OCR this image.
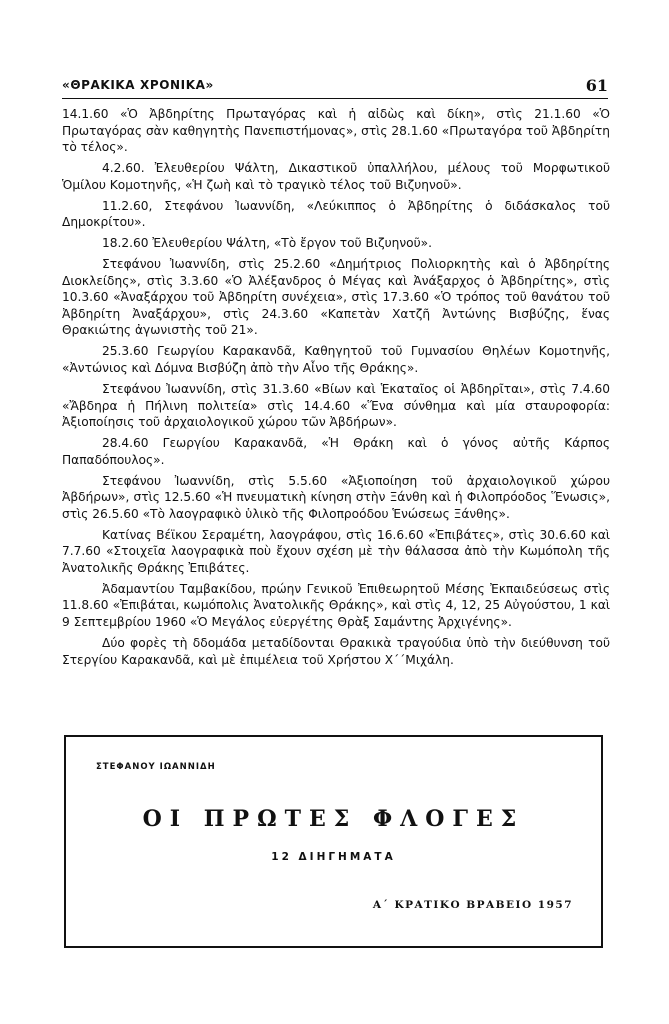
«ΘΡΑΚΙΚΑ ΧΡΟΝΙΚΑ»	61

14.1.60 «Ὁ Ἀβδηρίτης Πρωταγόρας καὶ ἡ αἰδὼς καὶ δίκη», στὶς 21.1.60 «Ὁ Πρωταγόρας σὰν καθηγητὴς Πανεπιστήμονας», στὶς 28.1.60 «Πρωταγόρα τοῦ Ἀβδηρίτη τὸ τέλος».

4.2.60. Ἐλευθερίου Ψάλτη, Δικαστικοῦ ὑπαλλήλου, μέλους τοῦ Μορφωτικοῦ Ὁμίλου Κομοτηνῆς, «Ἡ ζωὴ καὶ τὸ τραγικὸ τέλος τοῦ Βιζυηνοῦ».

11.2.60, Στεφάνου Ἰωαννίδη, «Λεύκιππος ὁ Ἀβδηρίτης ὁ διδάσκαλος τοῦ Δημοκρίτου».

18.2.60 Ἐλευθερίου Ψάλτη, «Τὸ ἔργον τοῦ Βιζυηνοῦ».

Στεφάνου Ἰωαννίδη, στὶς 25.2.60 «Δημήτριος Πολιορκητὴς καὶ ὁ Ἀβδηρίτης Διοκλείδης», στὶς 3.3.60 «Ὁ Ἀλέξανδρος ὁ Μέγας καὶ Ἀνάξαρχος ὁ Ἀβδηρίτης», στὶς 10.3.60 «Ἀναξάρχου τοῦ Ἀβδηρίτη συνέχεια», στὶς 17.3.60 «Ὁ τρόπος τοῦ θανάτου τοῦ Ἀβδηρίτη Ἀναξάρχου», στὶς 24.3.60 «Καπετὰν Χατζῆ Ἀντώνης Βισβύζης, ἕνας Θρακιώτης ἀγωνιστὴς τοῦ 21».

25.3.60 Γεωργίου Καρακανδᾶ, Καθηγητοῦ τοῦ Γυμνασίου Θηλέων Κομοτηνῆς, «Ἀντώνιος καὶ Δόμνα Βισβύζη ἀπὸ τὴν Αἶνο τῆς Θράκης».

Στεφάνου Ἰωαννίδη, στὶς 31.3.60 «Βίων καὶ Ἑκαταῖος οἱ Ἀβδηρῖται», στὶς 7.4.60 «Ἄβδηρα ἡ Πήλινη πολιτεία» στὶς 14.4.60 «Ἕνα σύνθημα καὶ μία σταυροφορία: Ἀξιοποίησις τοῦ ἀρχαιολογικοῦ χώρου τῶν Ἀβδήρων».

28.4.60 Γεωργίου Καρακανδᾶ, «Ἡ Θράκη καὶ ὁ γόνος αὐτῆς Κάρπος Παπαδόπουλος».

Στεφάνου Ἰωαννίδη, στὶς 5.5.60 «Ἀξιοποίηση τοῦ ἀρχαιολογικοῦ χώρου Ἀβδήρων», στὶς 12.5.60 «Ἡ πνευματικὴ κίνηση στὴν Ξάνθη καὶ ἡ Φιλοπρόοδος Ἕνωσις», στὶς 26.5.60 «Τὸ λαογραφικὸ ὑλικὸ τῆς Φιλοπροόδου Ἑνώσεως Ξάνθης».

Κατίνας Βέϊκου Σεραμέτη, λαογράφου, στὶς 16.6.60 «Ἐπιβάτες», στὶς 30.6.60 καὶ 7.7.60 «Στοιχεῖα λαογραφικὰ ποὺ ἔχουν σχέση μὲ τὴν θάλασσα ἀπὸ τὴν Κωμόπολη τῆς Ἀνατολικῆς Θράκης Ἐπιβάτες.

Ἀδαμαντίου Ταμβακίδου, πρώην Γενικοῦ Ἐπιθεωρητοῦ Μέσης Ἐκπαιδεύσεως στὶς 11.8.60 «Ἐπιβάται, κωμόπολις Ἀνατολικῆς Θράκης», καὶ στὶς 4, 12, 25 Αὐγούστου, 1 καὶ 9 Σεπτεμβρίου 1960 «Ὁ Μεγάλος εὐεργέτης Θρὰξ Σαμάντης Ἀρχιγένης».

Δύο φορὲς τὴ δδομάδα μεταδίδονται Θρακικὰ τραγούδια ὑπὸ τὴν διεύθυνση τοῦ Στεργίου Καρακανδᾶ, καὶ μὲ ἐπιμέλεια τοῦ Χρήστου Χ΄΄Μιχάλη.

ΣΤΕΦΑΝΟΥ ΙΩΑΝΝΙΔΗ
ΟΙ ΠΡΩΤΕΣ ΦΛΟΓΕΣ
12 ΔΙΗΓΗΜΑΤΑ
Α΄ ΚΡΑΤΙΚΟ ΒΡΑΒΕΙΟ 1957
